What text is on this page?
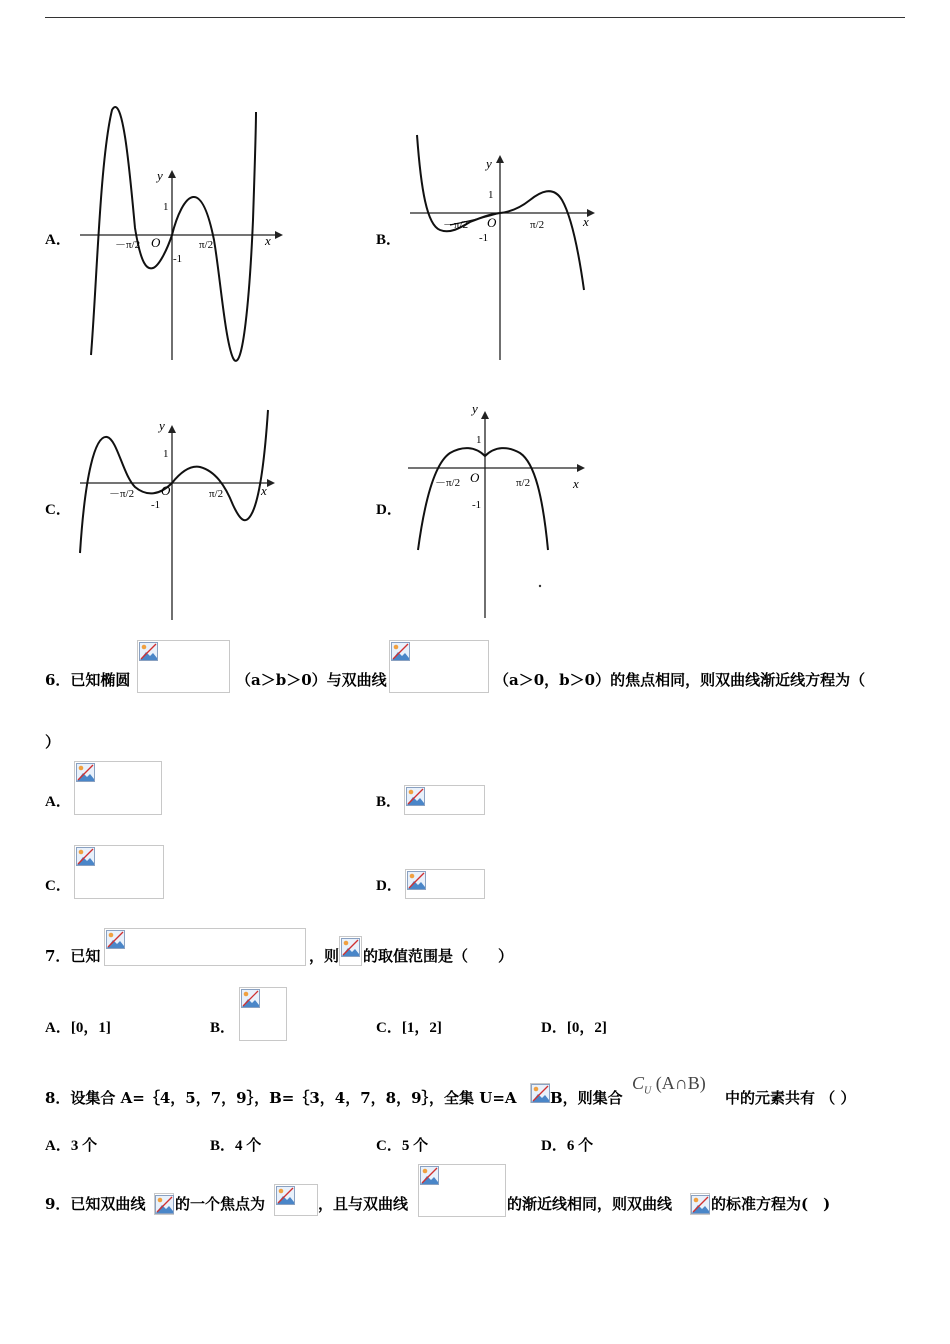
A．
y
x
O
1
-1
－π/2	π/2	B．
y
x
O
1
-1
－π/2	π/2
C．
y
x
O
1
-1
－π/2	π/2
D．
y
x
O
1
-1
－π/2	π/2
6．已知椭圆	（a＞b＞0）与双曲线	（a＞0，b＞0）的焦点相同，则双曲线渐近线方程为（
）
A．	B．
C．	D．
7．已知	，则 的取值范围是（　　）
A．[0，1]	B．	C．[1，2]	D．[0，2]
8．设集合 A=｛4，5，7，9｝，B=｛3，4，7，8，9｝，全集 U=A B，则集合
$C_U$ (A∩B)
中的元素共有 （ ）
A．3 个	B．4 个	C．5 个	D．6 个
9．已知双曲线 的一个焦点为	，且与双曲线	的渐近线相同，则双曲线	的标准方程为(　)
